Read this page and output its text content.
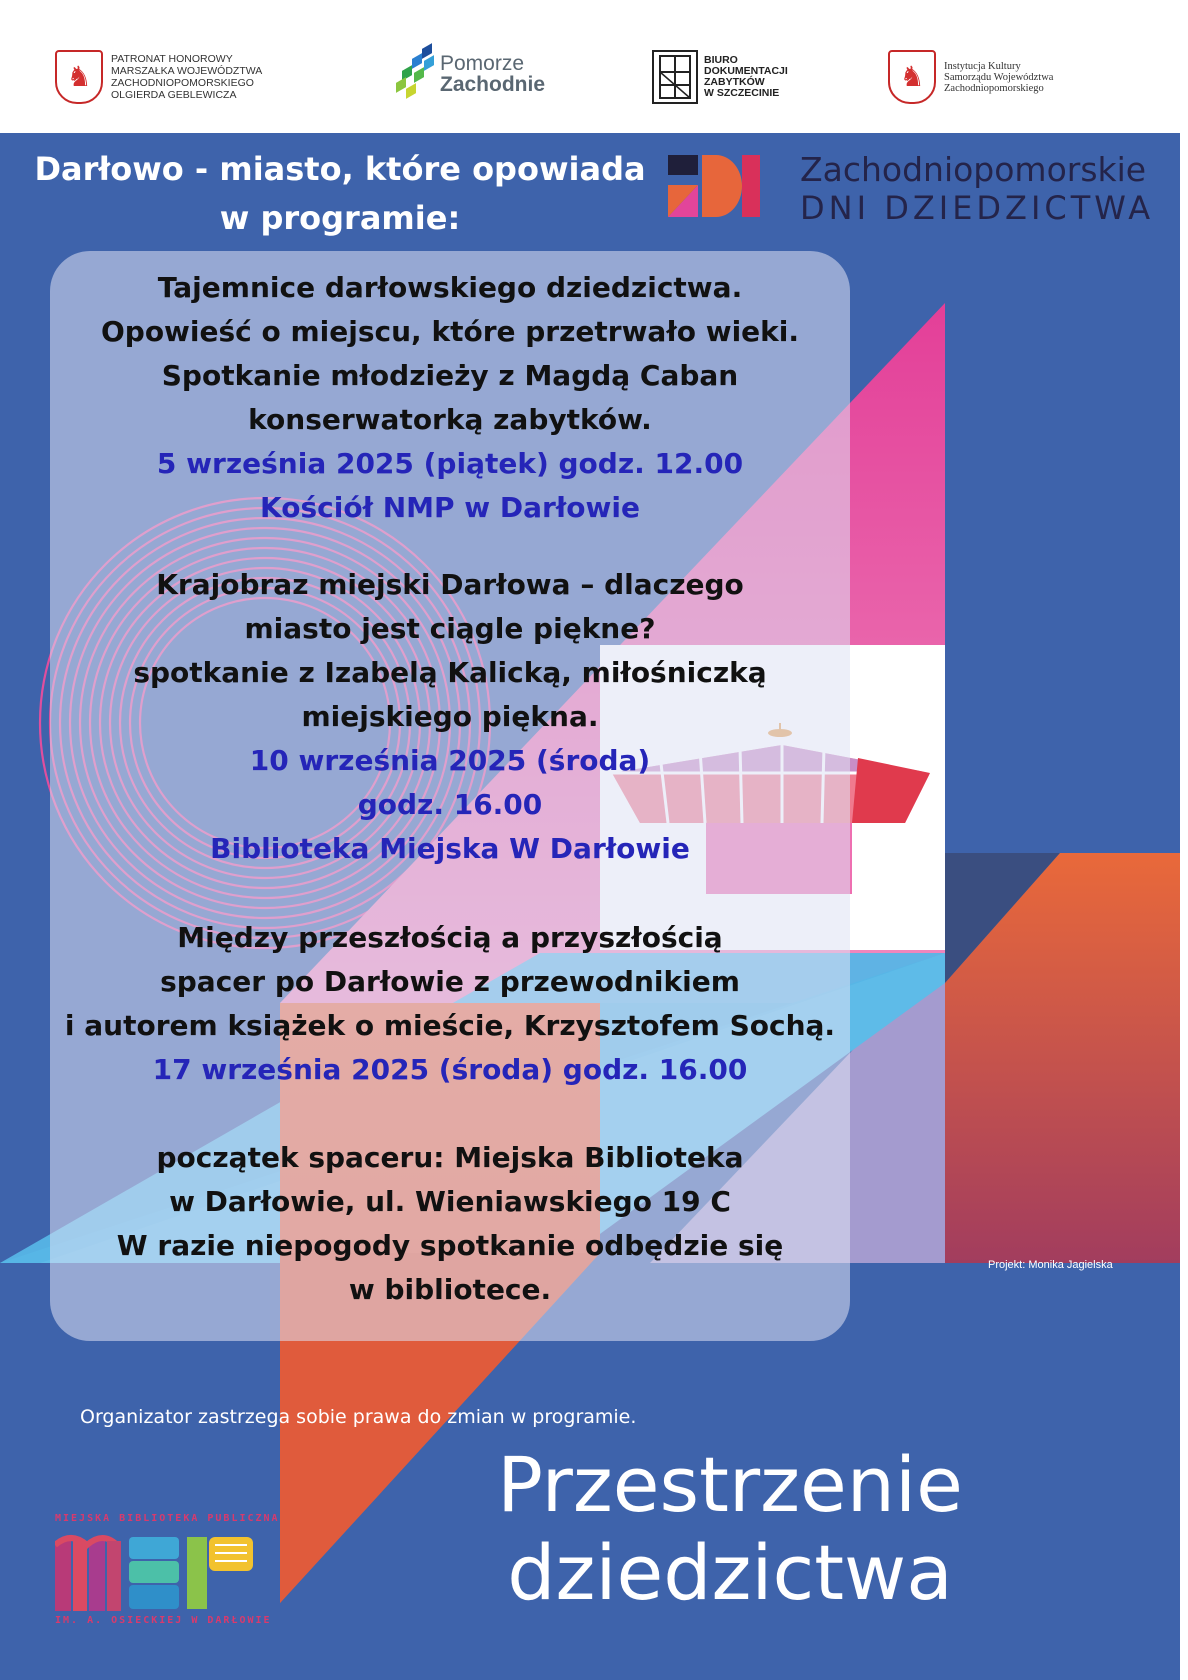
♞
PATRONAT HONOROWY
MARSZAŁKA WOJEWÓDZTWA
ZACHODNIOPOMORSKIEGO
OLGIERDA GEBLEWICZA
Pomorze
Zachodnie
BIURO
DOKUMENTACJI
ZABYTKÓW
W SZCZECINIE	♞ Instytucja Kultury
Samorządu Województwa
Zachodniopomorskiego
Darłowo - miasto, które opowiada
w programie:
Zachodniopomorskie
DNI DZIEDZICTWA
Tajemnice darłowskiego dziedzictwa.
Opowieść o miejscu, które przetrwało wieki.
Spotkanie młodzieży z Magdą Caban
konserwatorką zabytków.
5 września 2025 (piątek) godz. 12.00
Kościół NMP w Darłowie
Krajobraz miejski Darłowa – dlaczego
miasto jest ciągle piękne?
spotkanie z Izabelą Kalicką, miłośniczką
miejskiego piękna.
10 września 2025 (środa)
godz. 16.00
Biblioteka Miejska W Darłowie
Między przeszłością a przyszłością
spacer po Darłowie z przewodnikiem
i autorem książek o mieście, Krzysztofem Sochą.
17 września 2025 (środa) godz. 16.00
początek spaceru: Miejska Biblioteka
w Darłowie, ul. Wieniawskiego 19 C
W razie niepogody spotkanie odbędzie się
w bibliotece.
Projekt: Monika Jagielska
Organizator zastrzega sobie prawa do zmian w programie.
Przestrzenie
dziedzictwa
MIEJSKA BIBLIOTEKA PUBLICZNA
IM. A. OSIECKIEJ W DARŁOWIE
